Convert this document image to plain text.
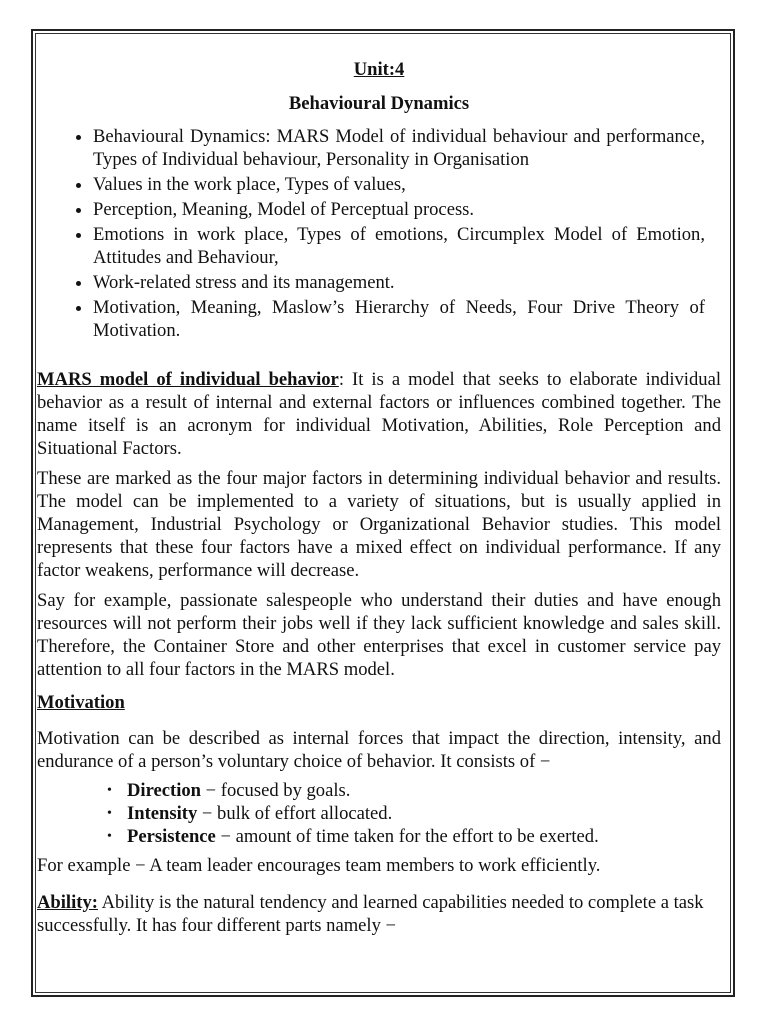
Unit:4
Behavioural Dynamics
• Behavioural Dynamics: MARS Model of individual behaviour and performance, Types of Individual behaviour, Personality in Organisation
• Values in the work place, Types of values,
• Perception, Meaning, Model of Perceptual process.
• Emotions in work place, Types of emotions, Circumplex Model of Emotion, Attitudes and Behaviour,
• Work-related stress and its management.
• Motivation, Meaning, Maslow’s Hierarchy of Needs, Four Drive Theory of Motivation.

MARS model of individual behavior: It is a model that seeks to elaborate individual behavior as a result of internal and external factors or influences combined together. The name itself is an acronym for individual Motivation, Abilities, Role Perception and Situational Factors.

These are marked as the four major factors in determining individual behavior and results. The model can be implemented to a variety of situations, but is usually applied in Management, Industrial Psychology or Organizational Behavior studies. This model represents that these four factors have a mixed effect on individual performance. If any factor weakens, performance will decrease.

Say for example, passionate salespeople who understand their duties and have enough resources will not perform their jobs well if they lack sufficient knowledge and sales skill. Therefore, the Container Store and other enterprises that excel in customer service pay attention to all four factors in the MARS model.

Motivation

Motivation can be described as internal forces that impact the direction, intensity, and endurance of a person’s voluntary choice of behavior. It consists of −

• Direction − focused by goals.
• Intensity − bulk of effort allocated.
• Persistence − amount of time taken for the effort to be exerted.

For example − A team leader encourages team members to work efficiently.

Ability: Ability is the natural tendency and learned capabilities needed to complete a task successfully. It has four different parts namely −
